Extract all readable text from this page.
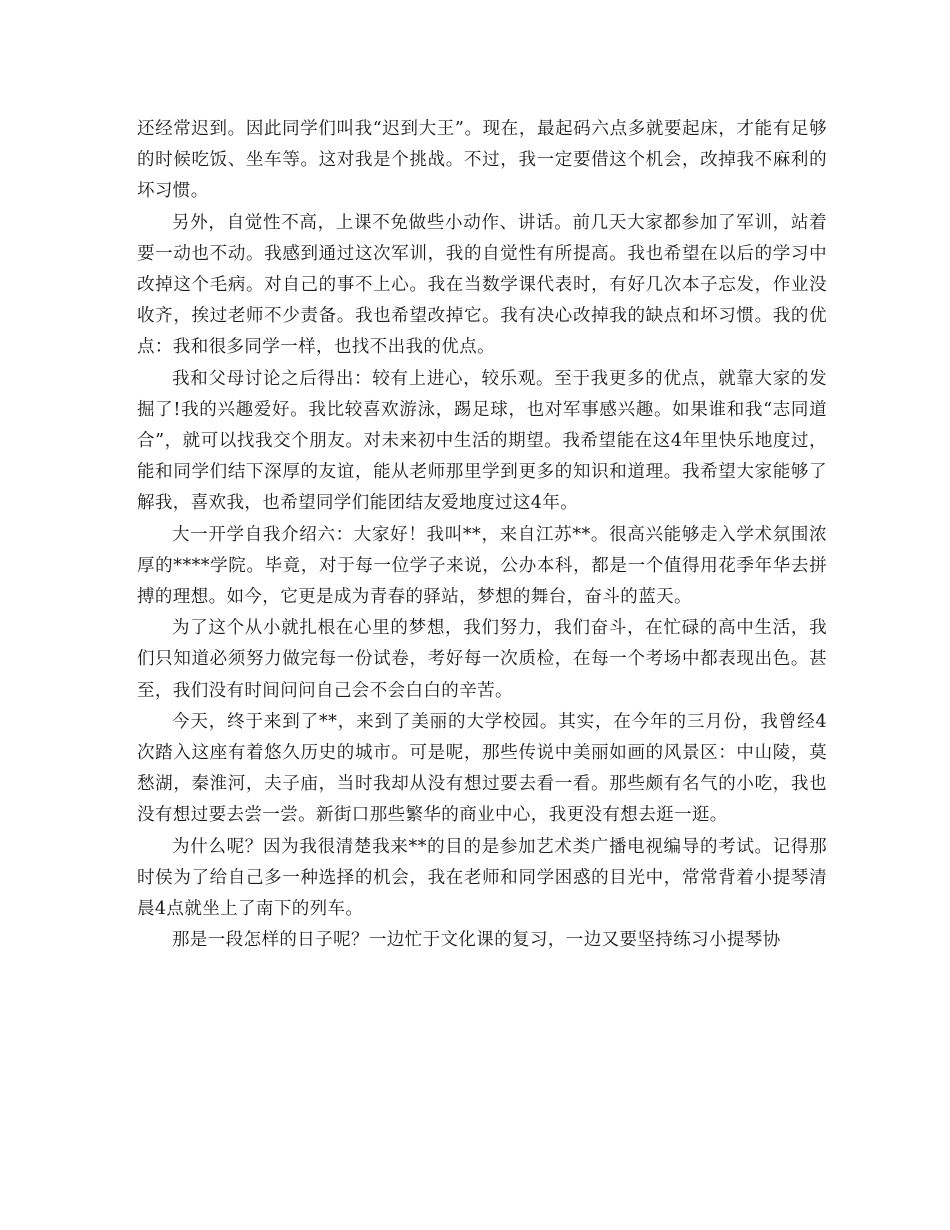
还经常迟到。因此同学们叫我“迟到大王”。现在，最起码六点多就要起床，才能有足够的时候吃饭、坐车等。这对我是个挑战。不过，我一定要借这个机会，改掉我不麻利的坏习惯。

另外，自觉性不高，上课不免做些小动作、讲话。前几天大家都参加了军训，站着要一动也不动。我感到通过这次军训，我的自觉性有所提高。我也希望在以后的学习中改掉这个毛病。对自己的事不上心。我在当数学课代表时，有好几次本子忘发，作业没收齐，挨过老师不少责备。我也希望改掉它。我有决心改掉我的缺点和坏习惯。我的优点：我和很多同学一样，也找不出我的优点。

我和父母讨论之后得出：较有上进心，较乐观。至于我更多的优点，就靠大家的发掘了!我的兴趣爱好。我比较喜欢游泳，踢足球，也对军事感兴趣。如果谁和我“志同道合”，就可以找我交个朋友。对未来初中生活的期望。我希望能在这4年里快乐地度过，能和同学们结下深厚的友谊，能从老师那里学到更多的知识和道理。我希望大家能够了解我，喜欢我，也希望同学们能团结友爱地度过这4年。

大一开学自我介绍六：大家好！我叫**，来自江苏**。很高兴能够走入学术氛围浓厚的****学院。毕竟，对于每一位学子来说，公办本科，都是一个值得用花季年华去拼搏的理想。如今，它更是成为青春的驿站，梦想的舞台，奋斗的蓝天。

为了这个从小就扎根在心里的梦想，我们努力，我们奋斗，在忙碌的高中生活，我们只知道必须努力做完每一份试卷，考好每一次质检，在每一个考场中都表现出色。甚至，我们没有时间问问自己会不会白白的辛苦。

今天，终于来到了**，来到了美丽的大学校园。其实，在今年的三月份，我曾经4次踏入这座有着悠久历史的城市。可是呢，那些传说中美丽如画的风景区：中山陵，莫愁湖，秦淮河，夫子庙，当时我却从没有想过要去看一看。那些颇有名气的小吃，我也没有想过要去尝一尝。新街口那些繁华的商业中心，我更没有想去逛一逛。

为什么呢？因为我很清楚我来**的目的是参加艺术类广播电视编导的考试。记得那时侯为了给自己多一种选择的机会，我在老师和同学困惑的目光中，常常背着小提琴清晨4点就坐上了南下的列车。

那是一段怎样的日子呢？一边忙于文化课的复习，一边又要坚持练习小提琴协
